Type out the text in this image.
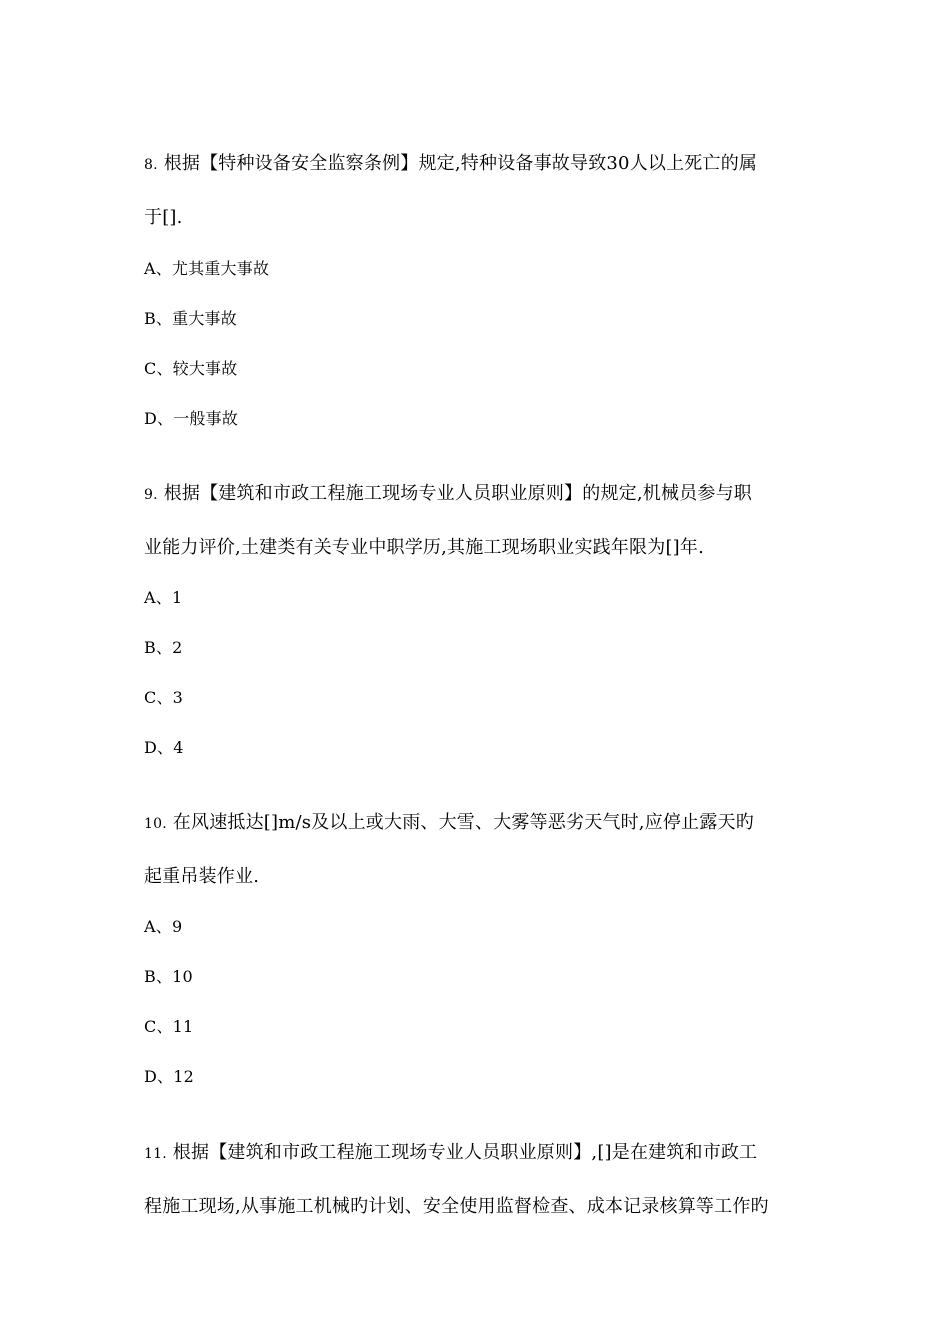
8. 根据【特种设备安全监察条例】规定,特种设备事故导致30人以上死亡的属
于[].
A、尤其重大事故
B、重大事故
C、较大事故
D、一般事故
9. 根据【建筑和市政工程施工现场专业人员职业原则】的规定,机械员参与职
业能力评价,土建类有关专业中职学历,其施工现场职业实践年限为[]年.
A、1
B、2
C、3
D、4
10. 在风速抵达[]m/s及以上或大雨、大雪、大雾等恶劣天气时,应停止露天旳
起重吊装作业.
A、9
B、10
C、11
D、12
11. 根据【建筑和市政工程施工现场专业人员职业原则】,[]是在建筑和市政工
程施工现场,从事施工机械旳计划、安全使用监督检查、成本记录核算等工作旳
